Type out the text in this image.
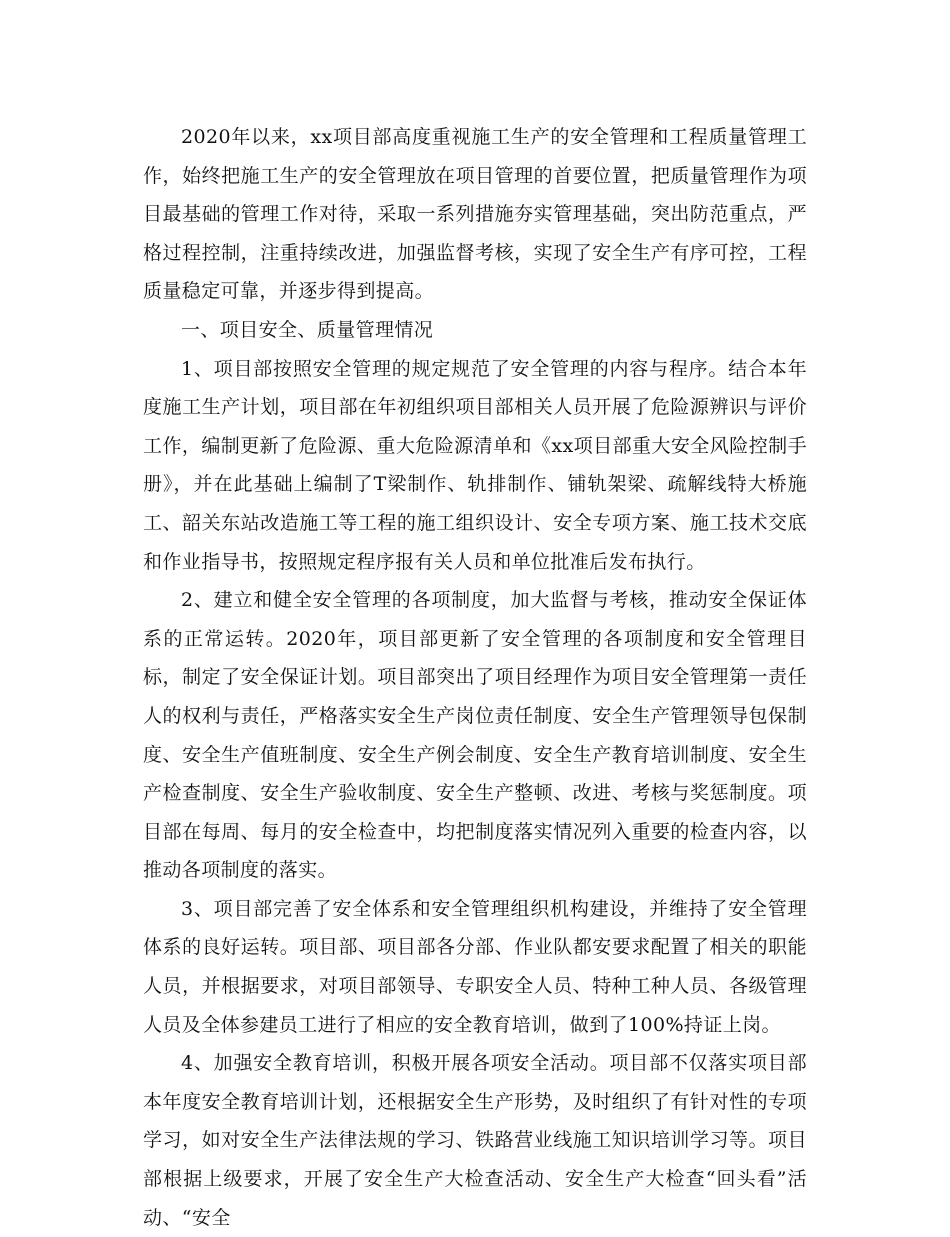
2020年以来，xx项目部高度重视施工生产的安全管理和工程质量管理工作，始终把施工生产的安全管理放在项目管理的首要位置，把质量管理作为项目最基础的管理工作对待，采取一系列措施夯实管理基础，突出防范重点，严格过程控制，注重持续改进，加强监督考核，实现了安全生产有序可控，工程质量稳定可靠，并逐步得到提高。

一、项目安全、质量管理情况

1、项目部按照安全管理的规定规范了安全管理的内容与程序。结合本年度施工生产计划，项目部在年初组织项目部相关人员开展了危险源辨识与评价工作，编制更新了危险源、重大危险源清单和《xx项目部重大安全风险控制手册》，并在此基础上编制了T梁制作、轨排制作、铺轨架梁、疏解线特大桥施工、韶关东站改造施工等工程的施工组织设计、安全专项方案、施工技术交底和作业指导书，按照规定程序报有关人员和单位批准后发布执行。

2、建立和健全安全管理的各项制度，加大监督与考核，推动安全保证体系的正常运转。2020年，项目部更新了安全管理的各项制度和安全管理目标，制定了安全保证计划。项目部突出了项目经理作为项目安全管理第一责任人的权利与责任，严格落实安全生产岗位责任制度、安全生产管理领导包保制度、安全生产值班制度、安全生产例会制度、安全生产教育培训制度、安全生产检查制度、安全生产验收制度、安全生产整顿、改进、考核与奖惩制度。项目部在每周、每月的安全检查中，均把制度落实情况列入重要的检查内容，以推动各项制度的落实。

3、项目部完善了安全体系和安全管理组织机构建设，并维持了安全管理体系的良好运转。项目部、项目部各分部、作业队都安要求配置了相关的职能人员，并根据要求，对项目部领导、专职安全人员、特种工种人员、各级管理人员及全体参建员工进行了相应的安全教育培训，做到了100%持证上岗。

4、加强安全教育培训，积极开展各项安全活动。项目部不仅落实项目部本年度安全教育培训计划，还根据安全生产形势，及时组织了有针对性的专项学习，如对安全生产法律法规的学习、铁路营业线施工知识培训学习等。项目部根据上级要求，开展了安全生产大检查活动、安全生产大检查“回头看”活动、“安全
